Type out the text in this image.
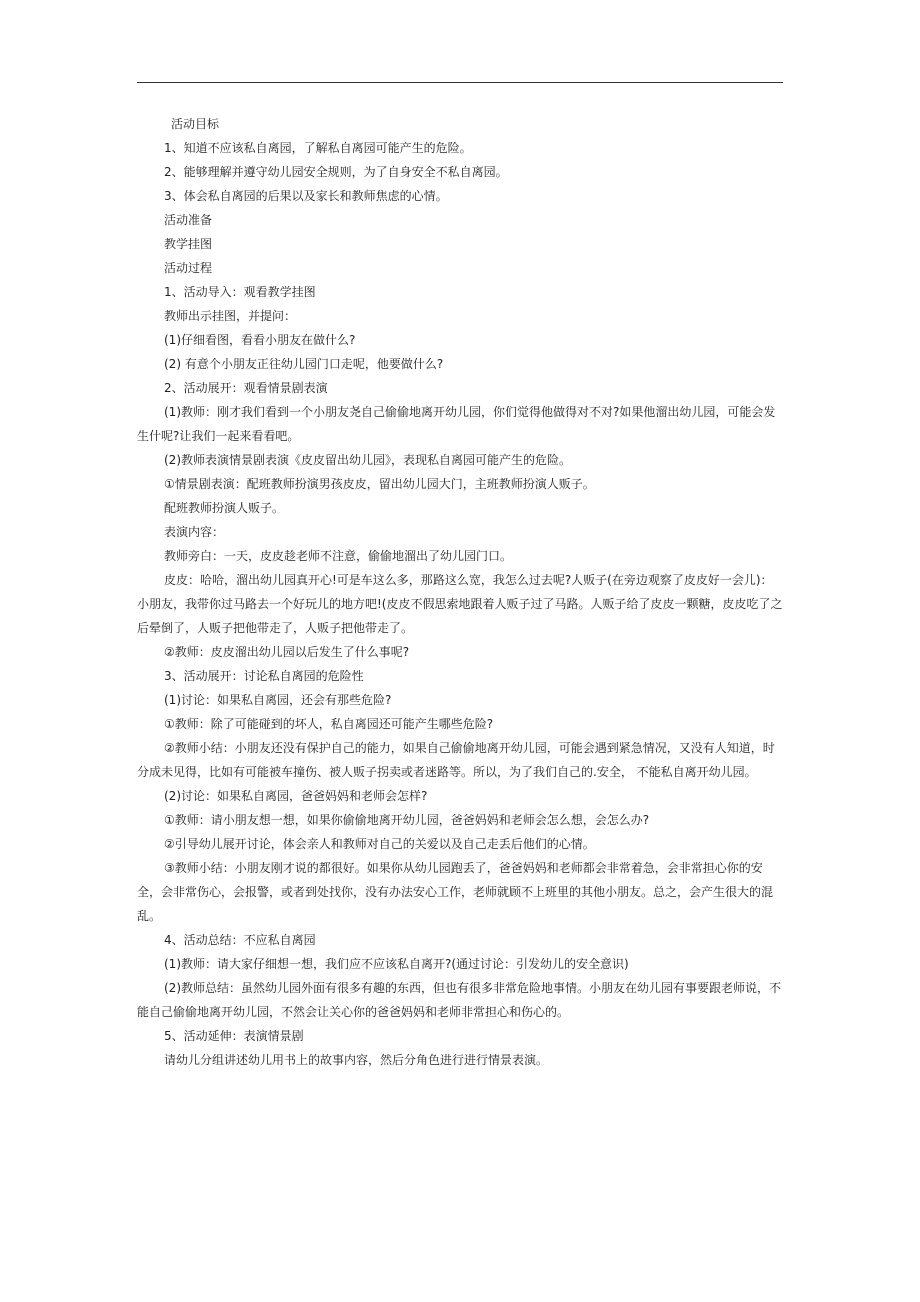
活动目标

1、知道不应该私自离园，了解私自离园可能产生的危险。

2、能够理解并遵守幼儿园安全规则，为了自身安全不私自离园。

3、体会私自离园的后果以及家长和教师焦虑的心情。

活动准备

教学挂图

活动过程

1、活动导入：观看教学挂图

教师出示挂图，并提问：

(1)仔细看图，看看小朋友在做什么?

(2) 有意个小朋友正往幼儿园门口走呢，他要做什么?

2、活动展开：观看情景剧表演

(1)教师：刚才我们看到一个小朋友尧自己偷偷地离开幼儿园，你们觉得他做得对不对?如果他溜出幼儿园，可能会发生什呢?让我们一起来看看吧。

(2)教师表演情景剧表演《皮皮留出幼儿园》，表现私自离园可能产生的危险。

①情景剧表演：配班教师扮演男孩皮皮，留出幼儿园大门，主班教师扮演人贩子。

配班教师扮演人贩子。

表演内容：

教师旁白：一天，皮皮趁老师不注意，偷偷地溜出了幼儿园门口。

皮皮：哈哈，溜出幼儿园真开心!可是车这么多，那路这么宽，我怎么过去呢?人贩子(在旁边观察了皮皮好一会儿)：小朋友，我带你过马路去一个好玩儿的地方吧!(皮皮不假思索地跟着人贩子过了马路。人贩子给了皮皮一颗糖，皮皮吃了之后晕倒了，人贩子把他带走了，人贩子把他带走了。

②教师：皮皮溜出幼儿园以后发生了什么事呢?

3、活动展开：讨论私自离园的危险性

(1)讨论：如果私自离园，还会有那些危险?

①教师：除了可能碰到的坏人，私自离园还可能产生哪些危险?

②教师小结：小朋友还没有保护自己的能力，如果自己偷偷地离开幼儿园，可能会遇到紧急情况，又没有人知道，时分成未见得，比如有可能被车撞伤、被人贩子拐卖或者迷路等。所以，为了我们自己的.安全， 不能私自离开幼儿园。

(2)讨论：如果私自离园，爸爸妈妈和老师会怎样?

①教师：请小朋友想一想，如果你偷偷地离开幼儿园，爸爸妈妈和老师会怎么想，会怎么办?

②引导幼儿展开讨论，体会亲人和教师对自己的关爱以及自己走丢后他们的心情。

③教师小结：小朋友刚才说的都很好。如果你从幼儿园跑丢了，爸爸妈妈和老师都会非常着急，会非常担心你的安全，会非常伤心，会报警，或者到处找你，没有办法安心工作，老师就顾不上班里的其他小朋友。总之，会产生很大的混乱。

4、活动总结：不应私自离园

(1)教师：请大家仔细想一想，我们应不应该私自离开?(通过讨论：引发幼儿的安全意识)

(2)教师总结：虽然幼儿园外面有很多有趣的东西，但也有很多非常危险地事情。小朋友在幼儿园有事要跟老师说，不能自己偷偷地离开幼儿园，不然会让关心你的爸爸妈妈和老师非常担心和伤心的。

5、活动延伸：表演情景剧

请幼儿分组讲述幼儿用书上的故事内容，然后分角色进行进行情景表演。
